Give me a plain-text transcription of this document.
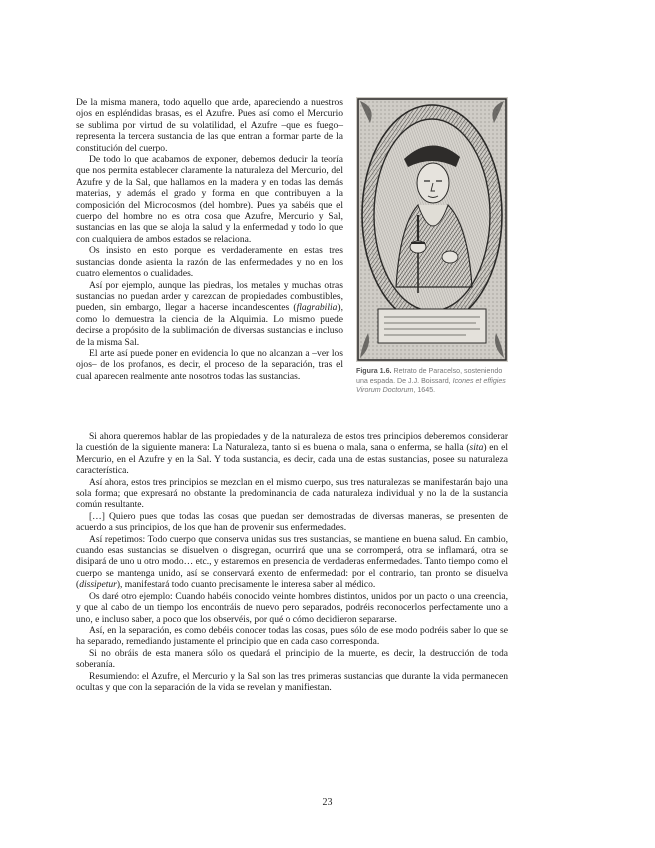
De la misma manera, todo aquello que arde, apareciendo a nuestros ojos en espléndidas brasas, es el Azufre. Pues así como el Mercurio se sublima por virtud de su volatilidad, el Azufre –que es fuego– representa la tercera sustancia de las que entran a formar parte de la constitución del cuerpo.

De todo lo que acabamos de exponer, debemos deducir la teoría que nos permita establecer claramente la naturaleza del Mercurio, del Azufre y de la Sal, que hallamos en la madera y en todas las demás materias, y además el grado y forma en que contribuyen a la composición del Microcosmos (del hombre). Pues ya sabéis que el cuerpo del hombre no es otra cosa que Azufre, Mercurio y Sal, sustancias en las que se aloja la salud y la enfermedad y todo lo que con cualquiera de ambos estados se relaciona.

Os insisto en esto porque es verdaderamente en estas tres sustancias donde asienta la razón de las enfermedades y no en los cuatro elementos o cualidades.

Así por ejemplo, aunque las piedras, los metales y muchas otras sustancias no puedan arder y carezcan de propiedades combustibles, pueden, sin embargo, llegar a hacerse incandescentes (flagrabilia), como lo demuestra la ciencia de la Alquimia. Lo mismo puede decirse a propósito de la sublimación de diversas sustancias e incluso de la misma Sal.

El arte así puede poner en evidencia lo que no alcanzan a –ver los ojos– de los profanos, es decir, el proceso de la separación, tras el cual aparecen realmente ante nosotros todas las sustancias.	Figura 1.6. Retrato de Paracelso, sosteniendo una espada. De J.J. Boissard, Icones et effigies Virorum Doctorum, 1645.

Si ahora queremos hablar de las propiedades y de la naturaleza de estos tres principios deberemos considerar la cuestión de la siguiente manera: La Naturaleza, tanto si es buena o mala, sana o enferma, se halla (sita) en el Mercurio, en el Azufre y en la Sal. Y toda sustancia, es decir, cada una de estas sustancias, posee su naturaleza característica.

Así ahora, estos tres principios se mezclan en el mismo cuerpo, sus tres naturalezas se manifestarán bajo una sola forma; que expresará no obstante la predominancia de cada naturaleza individual y no la de la sustancia común resultante.

[…] Quiero pues que todas las cosas que puedan ser demostradas de diversas maneras, se presenten de acuerdo a sus principios, de los que han de provenir sus enfermedades.

Así repetimos: Todo cuerpo que conserva unidas sus tres sustancias, se mantiene en buena salud. En cambio, cuando esas sustancias se disuelven o disgregan, ocurrirá que una se corromperá, otra se inflamará, otra se disipará de uno u otro modo… etc., y estaremos en presencia de verdaderas enfermedades. Tanto tiempo como el cuerpo se mantenga unido, así se conservará exento de enfermedad: por el contrario, tan pronto se disuelva (dissipetur), manifestará todo cuanto precisamente le interesa saber al médico.

Os daré otro ejemplo: Cuando habéis conocido veinte hombres distintos, unidos por un pacto o una creencia, y que al cabo de un tiempo los encontráis de nuevo pero separados, podréis reconocerlos perfectamente uno a uno, e incluso saber, a poco que los observéis, por qué o cómo decidieron separarse.

Así, en la separación, es como debéis conocer todas las cosas, pues sólo de ese modo podréis saber lo que se ha separado, remediando justamente el principio que en cada caso corresponda.

Si no obráis de esta manera sólo os quedará el principio de la muerte, es decir, la destrucción de toda soberanía.

Resumiendo: el Azufre, el Mercurio y la Sal son las tres primeras sustancias que durante la vida permanecen ocultas y que con la separación de la vida se revelan y manifiestan.

23
